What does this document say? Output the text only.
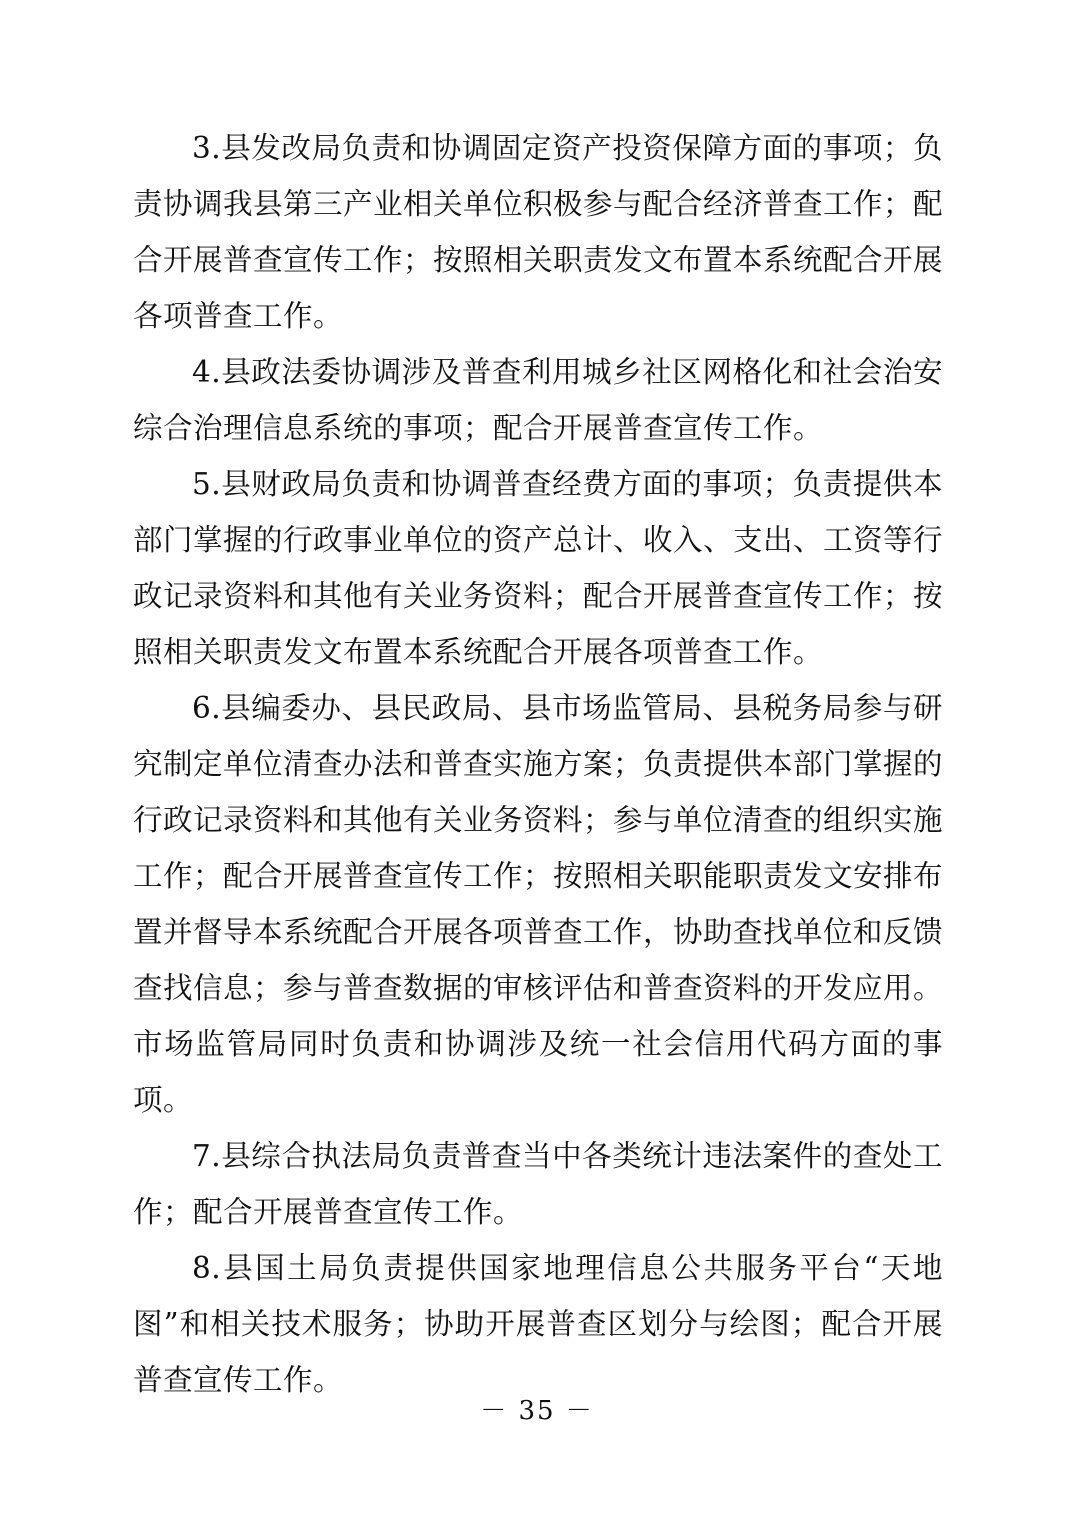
3.县发改局负责和协调固定资产投资保障方面的事项；负责协调我县第三产业相关单位积极参与配合经济普查工作；配合开展普查宣传工作；按照相关职责发文布置本系统配合开展各项普查工作。

4.县政法委协调涉及普查利用城乡社区网格化和社会治安综合治理信息系统的事项；配合开展普查宣传工作。

5.县财政局负责和协调普查经费方面的事项；负责提供本部门掌握的行政事业单位的资产总计、收入、支出、工资等行政记录资料和其他有关业务资料；配合开展普查宣传工作；按照相关职责发文布置本系统配合开展各项普查工作。

6.县编委办、县民政局、县市场监管局、县税务局参与研究制定单位清查办法和普查实施方案；负责提供本部门掌握的行政记录资料和其他有关业务资料；参与单位清查的组织实施工作；配合开展普查宣传工作；按照相关职能职责发文安排布置并督导本系统配合开展各项普查工作，协助查找单位和反馈查找信息；参与普查数据的审核评估和普查资料的开发应用。市场监管局同时负责和协调涉及统一社会信用代码方面的事项。

7.县综合执法局负责普查当中各类统计违法案件的查处工作；配合开展普查宣传工作。

8.县国土局负责提供国家地理信息公共服务平台“天地图”和相关技术服务；协助开展普查区划分与绘图；配合开展普查宣传工作。

－ 35 －
